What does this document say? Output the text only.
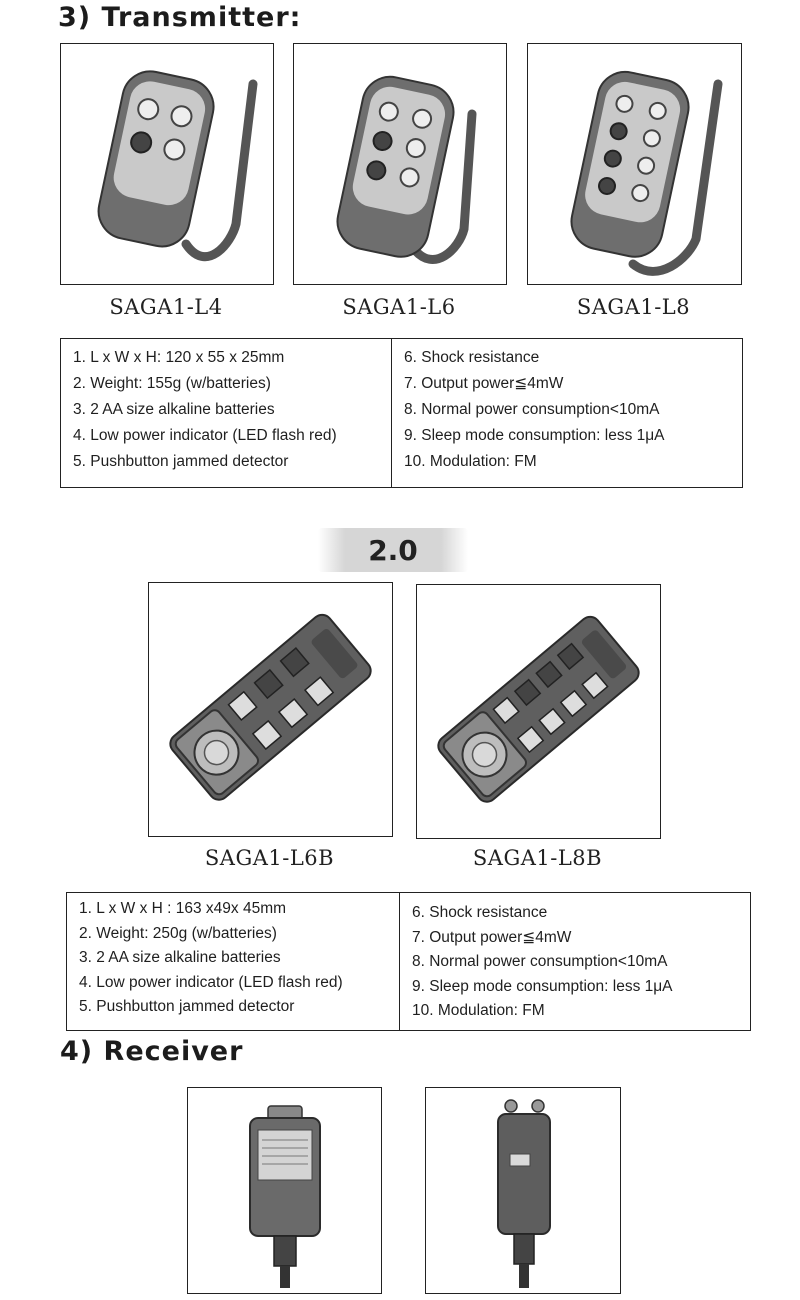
3) Transmitter:
SAGA1-L4	SAGA1-L6	SAGA1-L8
1. L x W x H: 120 x 55 x 25mm
2. Weight: 155g (w/batteries)
3. 2 AA size alkaline batteries
4. Low power indicator (LED flash red)
5. Pushbutton jammed detector
6. Shock resistance
7. Output power≦4mW
8. Normal power consumption<10mA
9. Sleep mode consumption: less 1μA
10. Modulation: FM
2.0
SAGA1-L6B	SAGA1-L8B
1. L x W x H : 163 x49x 45mm
2. Weight: 250g (w/batteries)
3. 2 AA size alkaline batteries
4. Low power indicator (LED flash red)
5. Pushbutton jammed detector
6. Shock resistance
7. Output power≦4mW
8. Normal power consumption<10mA
9. Sleep mode consumption: less 1μA
10. Modulation: FM
4) Receiver
